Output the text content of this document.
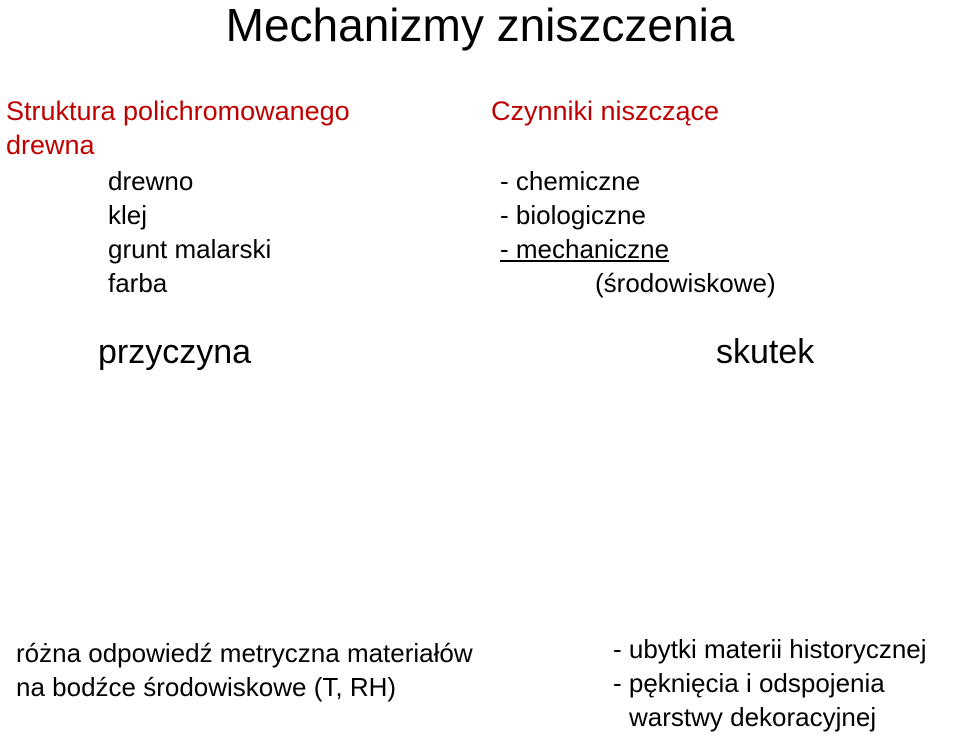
Mechanizmy zniszczenia
Struktura polichromowanego drewna
drewno
klej
grunt malarski
farba
Czynniki niszczące
- chemiczne
- biologiczne
- mechaniczne
(środowiskowe)
przyczyna	skutek
różna odpowiedź metryczna materiałów
na bodźce środowiskowe (T, RH)
- ubytki materii historycznej
- pęknięcia i odspojenia
warstwy dekoracyjnej
